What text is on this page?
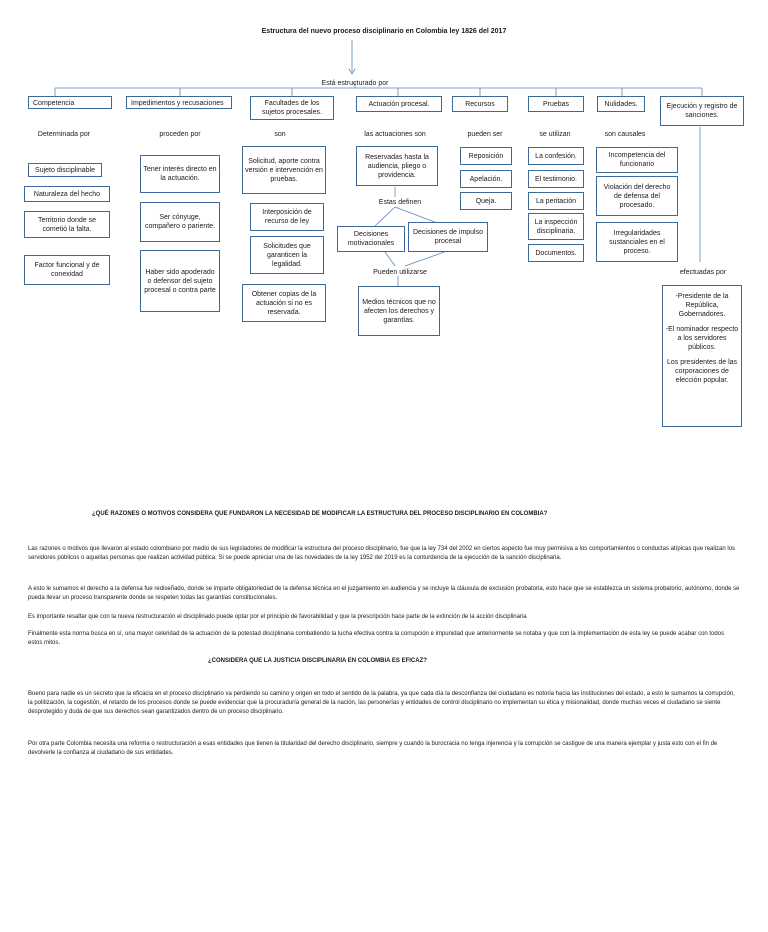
Estructura del nuevo proceso disciplinario en Colombia ley 1826 del 2017
Está estructurado por
Competencia
Determinada por
Sujeto disciplinable
Naturaleza del hecho
Territorio donde se cometió la falta.
Factor funcional y de conexidad
Impedimentos y recusaciones
proceden por
Tener interés directo en la actuación.
Ser cónyuge, compañero o pariente.
Haber sido apoderado o defensor del sujeto procesal o contra parte
Facultades de los sujetos procesales.
son
Solicitud, aporte contra versión e intervención en pruebas.
Interposición de recurso de ley
Solicitudes que garanticen la legalidad.
Obtener copias de la actuación si no es reservada.
Actuación procesal.
las actuaciones son
Reservadas hasta la audiencia, pliego o providencia.
Estas definen
Decisiones motivacionales
Decisiones de impulso procesal
Pueden utilizarse
Medios técnicos que no afecten los derechos y garantías.
Recursos
pueden ser
Reposición
Apelación.
Queja.
Pruebas
se utilizan
La confesión.
El testimonio.
La peritación
La inspección disciplinaria.
Documentos.
Nulidades.
son causales
Incompetencia del funcionario
Violación del derecho de defensa del procesado.
Irregularidades sustanciales en el proceso.
Ejecución y registro de sanciones.
efectuadas por
-Presidente de la República, Gobernadores.
-El nominador respecto a los servidores públicos.
Los presidentes de las corporaciones de elección popular.
¿QUÉ RAZONES O MOTIVOS CONSIDERA QUE FUNDARON LA NECESIDAD DE MODIFICAR LA ESTRUCTURA DEL PROCESO DISCIPLINARIO EN COLOMBIA?

Las razones o motivos que llevaron al estado colombiano por medio de sus legisladores de modificar la estructura del proceso disciplinario, fue que la ley 734 del 2002 en ciertos aspecto fue muy permisiva a los comportamientos o conductas atípicas que realizan los servidores públicos o aquellas personas que realizan actividad pública. Si se puede apreciar una de las novedades de la ley 1952 del 2019 es la conturdencia de la ejecución de la sanción disciplinaria.

A esto le sumamos el derecho a la defensa fue rediseñado, donde se imparte obligatoriedad de la defensa técnica en el juzgamiento en audiencia y se incluye la cláusula de exclusión probatoria, esto hace que se establezca un sistema probatorio, autónomo, donde se pueda llevar un proceso transparente donde se respeten todas las garantías constitucionales.

Es importante resaltar que con la nueva restructuración el disciplinado puede optar por el principio de favorabilidad y que la prescripción hace parte de la extinción de la acción disciplinaria

Finalmente esta norma busca en sí, una mayor celeridad de la actuación de la potestad disciplinaria combatiendo la lucha efectiva contra la corrupción e impunidad que anteriormente se notaba y que con la implementación de esta ley se puede acabar con todos estos mitos.

¿CONSIDERA QUE LA JUSTICIA DISCIPLINARIA EN COLOMBIA ES EFICAZ?

Bueno para nadie es un secreto que la eficacia en el proceso disciplinario va perdiendo su camino y origen en todo el sentido de la palabra, ya que cada día la desconfianza del ciudadano es notoria hacia las instituciones del estado, a esto le sumamos la corrupción, la politización, la cogestión, el retardo de los procesos donde se puede evidenciar que la procuraduría general de la nación, las personerías y entidades de control disciplinario no implementan su ética y misionalidad, donde muchas veces el ciudadano se siente desprotegido y duda de que sus derechos sean garantizados dentro de un proceso disciplinario.

Por otra parte Colombia necesita una reforma o restructuración a esas entidades que tienen la titularidad del derecho disciplinario, siempre y cuando la burocracia no tenga injerencia y la corrupción se castigue de una manera ejemplar y justa esto con el fin de devolverle la confianza al ciudadano de sus entidades.
